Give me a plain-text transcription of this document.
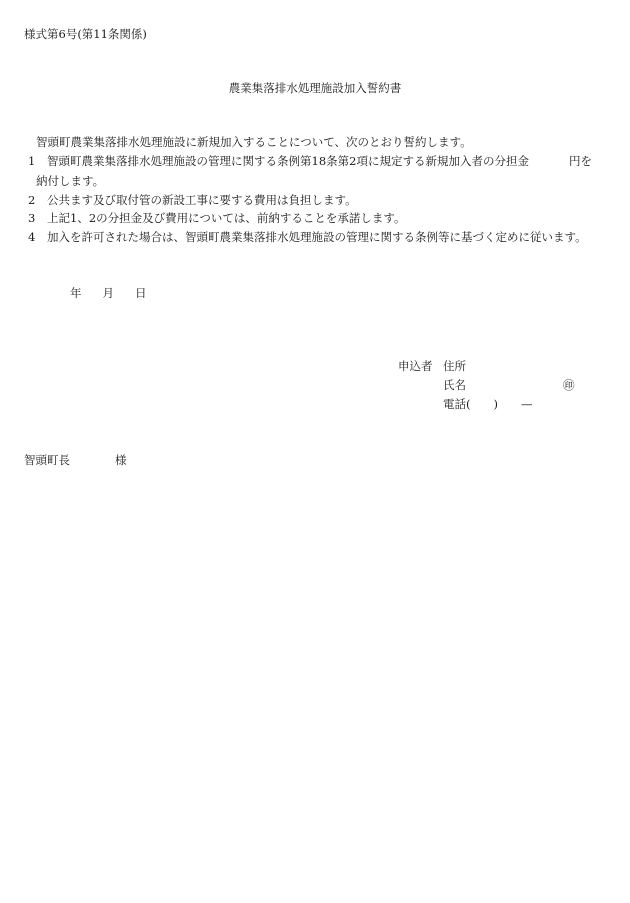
様式第6号(第11条関係)
農業集落排水処理施設加入誓約書
智頭町農業集落排水処理施設に新規加入することについて、次のとおり誓約します。
1 智頭町農業集落排水処理施設の管理に関する条例第18条第2項に規定する新規加入者の分担金	円を
納付します。
2 公共ます及び取付管の新設工事に要する費用は負担します。
3 上記1、2の分担金及び費用については、前納することを承諾します。
4 加入を許可された場合は、智頭町農業集落排水処理施設の管理に関する条例等に基づく定めに従います。
年 月 日
申込者 住所
氏名	㊞
電話(　　)　　—
智頭町長	様
